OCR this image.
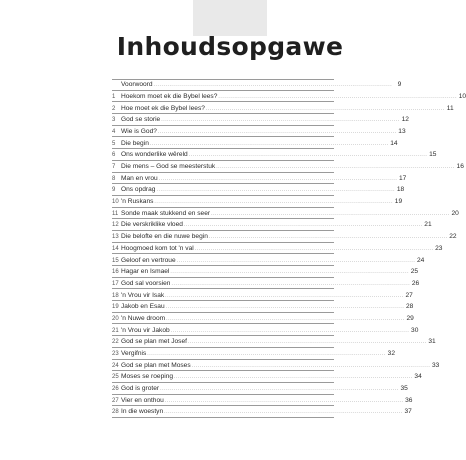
Inhoudsopgawe
Voorwoord ........................................................................................................................ 9
1 Hoekom moet ek die Bybel lees? ........................................................................................................................ 10
2 Hoe moet ek die Bybel lees? ........................................................................................................................ 11
3 God se storie ........................................................................................................................ 12
4 Wie is God? ........................................................................................................................ 13
5 Die begin ........................................................................................................................ 14
6 Ons wonderlike wêreld ........................................................................................................................ 15
7 Die mens – God se meesterstuk ........................................................................................................................ 16
8 Man en vrou ........................................................................................................................ 17
9 Ons opdrag ........................................................................................................................ 18
10 'n Ruskans ........................................................................................................................ 19
11 Sonde maak stukkend en seer ........................................................................................................................ 20
12 Die verskriklike vloed ........................................................................................................................ 21
13 Die belofte en die nuwe begin ........................................................................................................................ 22
14 Hoogmoed kom tot 'n val ........................................................................................................................ 23
15 Geloof en vertroue ........................................................................................................................ 24
16 Hagar en Ismael ........................................................................................................................ 25
17 God sal voorsien ........................................................................................................................ 26
18 'n Vrou vir Isak ........................................................................................................................ 27
19 Jakob en Esau ........................................................................................................................ 28
20 'n Nuwe droom ........................................................................................................................ 29
21 'n Vrou vir Jakob ........................................................................................................................ 30
22 God se plan met Josef ........................................................................................................................ 31
23 Vergifnis ........................................................................................................................ 32
24 God se plan met Moses ........................................................................................................................ 33
25 Moses se roeping ........................................................................................................................ 34
26 God is groter ........................................................................................................................ 35
27 Vier en onthou ........................................................................................................................ 36
28 In die woestyn ........................................................................................................................ 37
